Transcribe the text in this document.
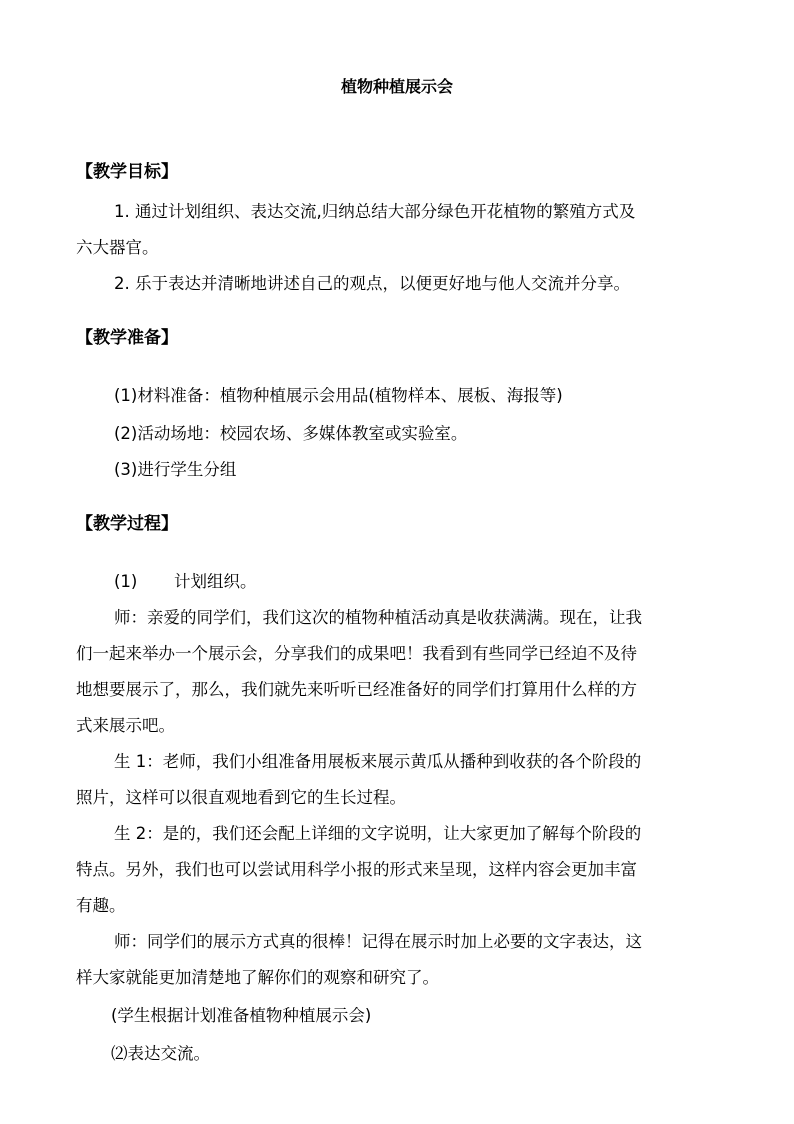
植物种植展示会
【教学目标】
1. 通过计划组织、表达交流,归纳总结大部分绿色开花植物的繁殖方式及
六大器官。
2. 乐于表达并清晰地讲述自己的观点，以便更好地与他人交流并分享。
【教学准备】
(1)材料准备：植物种植展示会用品(植物样本、展板、海报等)
(2)活动场地：校园农场、多媒体教室或实验室。
(3)进行学生分组
【教学过程】
(1) 计划组织。
师：亲爱的同学们，我们这次的植物种植活动真是收获满满。现在，让我
们一起来举办一个展示会，分享我们的成果吧！我看到有些同学已经迫不及待
地想要展示了，那么，我们就先来听听已经准备好的同学们打算用什么样的方
式来展示吧。
生 1：老师，我们小组准备用展板来展示黄瓜从播种到收获的各个阶段的
照片，这样可以很直观地看到它的生长过程。
生 2：是的，我们还会配上详细的文字说明，让大家更加了解每个阶段的
特点。另外，我们也可以尝试用科学小报的形式来呈现，这样内容会更加丰富
有趣。
师：同学们的展示方式真的很棒！记得在展示时加上必要的文字表达，这
样大家就能更加清楚地了解你们的观察和研究了。
(学生根据计划准备植物种植展示会)
⑵表达交流。
